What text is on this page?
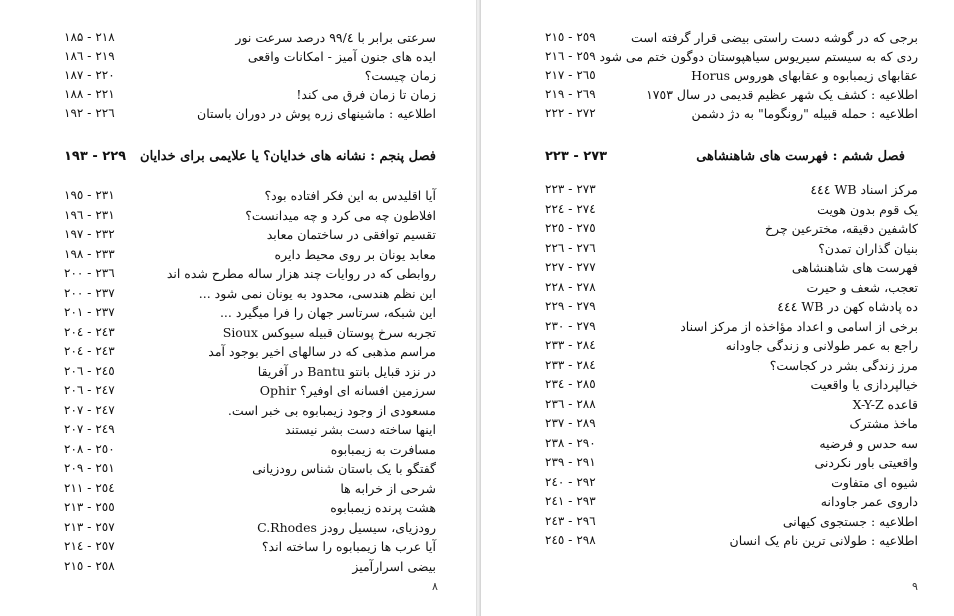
سرعتی برابر با ۹۹/٤ درصد سرعت نور
۲۱۸ - ۱۸۵
ایده های جنون آمیز - امکانات واقعی
۲۱۹ - ۱۸٦
زمان چیست؟
۲۲۰ - ۱۸۷
زمان تا زمان فرق می کند!
۲۲۱ - ۱۸۸
اطلاعیه : ماشینهای زره پوش در دوران باستان
۲۲٦ - ۱۹۲
فصل پنجم : نشانه های خدایان؟ یا علایمی برای خدایان
۲۲۹ - ۱۹۳
آیا اقلیدس به این فکر افتاده بود؟
۲۳۱ - ۱۹٥
افلاطون چه می کرد و چه میدانست؟
۲۳۱ - ۱۹٦
تقسیم توافقی در ساختمان معابد
۲۳۲ - ۱۹۷
معابد یونان بر روی محیط دایره
۲۳۳ - ۱۹۸
روابطی که در روایات چند هزار ساله مطرح شده اند
۲۳٦ - ۲۰۰
این نظم هندسی، محدود به یونان نمی شود ...
۲۳۷ - ۲۰۰
این شبکه، سرتاسر جهان را فرا میگیرد ...
۲۳۷ - ۲۰۱
تجربه سرخ پوستان قبیله سیوکس Sioux
۲٤۳ - ۲۰٤
مراسم مذهبی که در سالهای اخیر بوجود آمد
۲٤۳ - ۲۰٤
در نزد قبایل بانتو Bantu در آفریقا
۲٤٥ - ۲۰٦
سرزمین افسانه ای اوفیر؟ Ophir
۲٤۷ - ۲۰٦
مسعودی از وجود زیمبابوه بی خبر است.
۲٤۷ - ۲۰۷
اینها ساخته دست بشر نیستند
۲٤۹ - ۲۰۷
مسافرت به زیمبابوه
۲٥۰ - ۲۰۸
گفتگو با یک باستان شناس رودزیانی
۲٥۱ - ۲۰۹
شرحی از خرابه ها
۲٥٤ - ۲۱۱
هشت پرنده زیمبابوه
۲٥٥ - ۲۱۳
رودزیای، سیسیل رودز C.Rhodes
۲٥۷ - ۲۱۳
آیا عرب ها زیمبابوه را ساخته اند؟
۲٥۷ - ۲۱٤
بیضی اسرارآمیز
۲٥۸ - ۲۱٥
۸
برجی که در گوشه دست راستی بیضی قرار گرفته است
۲٥۹ - ۲۱٥
ردی که به سیستم سیریوس سیاهپوستان دوگون ختم می شود
۲٥۹ - ۲۱٦
عقابهای زیمبابوه و عقابهای هوروس Horus
۲٦٥ - ۲۱۷
اطلاعیه : کشف یک شهر عظیم قدیمی در سال ۱۷٥۳
۲٦۹ - ۲۱۹
اطلاعیه : حمله قبیله "رونگوما" به دژ دشمن
۲۷۲ - ۲۲۲
فصل ششم : فهرست های شاهنشاهی
۲۷۳ - ۲۲۳
مرکز اسناد WB ٤٤٤
۲۷۳ - ۲۲۳
یک قوم بدون هویت
۲۷٤ - ۲۲٤
کاشفین دقیقه، مخترعین چرخ
۲۷٥ - ۲۲٥
بنیان گذاران تمدن؟
۲۷٦ - ۲۲٦
فهرست های شاهنشاهی
۲۷۷ - ۲۲۷
تعجب، شعف و حیرت
۲۷۸ - ۲۲۸
ده پادشاه کهن در WB ٤٤٤
۲۷۹ - ۲۲۹
برخی از اسامی و اعداد مؤاخذه از مرکز اسناد
۲۷۹ - ۲۳۰
راجع به عمر طولانی و زندگی جاودانه
۲۸٤ - ۲۳۳
مرز زندگی بشر در کجاست؟
۲۸٤ - ۲۳۳
خیالپردازی یا واقعیت
۲۸٥ - ۲۳٤
قاعده X-Y-Z
۲۸۸ - ۲۳٦
ماخذ مشترک
۲۸۹ - ۲۳۷
سه حدس و فرضیه
۲۹۰ - ۲۳۸
واقعیتی باور نکردنی
۲۹۱ - ۲۳۹
شیوه ای متفاوت
۲۹۲ - ۲٤۰
داروی عمر جاودانه
۲۹۳ - ۲٤۱
اطلاعیه : جستجوی کیهانی
۲۹٦ - ۲٤۳
اطلاعیه : طولانی ترین نام یک انسان
۲۹۸ - ۲٤٥
۹
